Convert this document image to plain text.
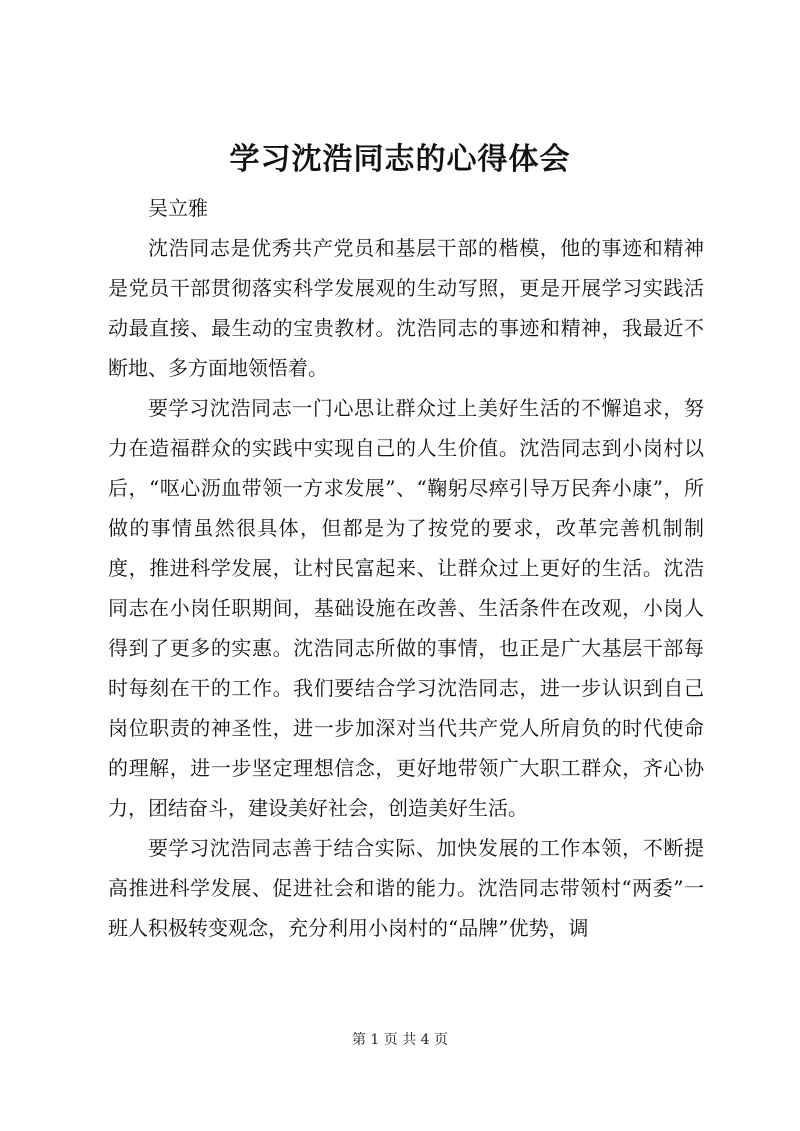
学习沈浩同志的心得体会

吴立雅

沈浩同志是优秀共产党员和基层干部的楷模，他的事迹和精神是党员干部贯彻落实科学发展观的生动写照，更是开展学习实践活动最直接、最生动的宝贵教材。沈浩同志的事迹和精神，我最近不断地、多方面地领悟着。

要学习沈浩同志一门心思让群众过上美好生活的不懈追求，努力在造福群众的实践中实现自己的人生价值。沈浩同志到小岗村以后，“呕心沥血带领一方求发展”、“鞠躬尽瘁引导万民奔小康”，所做的事情虽然很具体，但都是为了按党的要求，改革完善机制制度，推进科学发展，让村民富起来、让群众过上更好的生活。沈浩同志在小岗任职期间，基础设施在改善、生活条件在改观，小岗人得到了更多的实惠。沈浩同志所做的事情，也正是广大基层干部每时每刻在干的工作。我们要结合学习沈浩同志，进一步认识到自己岗位职责的神圣性，进一步加深对当代共产党人所肩负的时代使命的理解，进一步坚定理想信念，更好地带领广大职工群众，齐心协力，团结奋斗，建设美好社会，创造美好生活。

要学习沈浩同志善于结合实际、加快发展的工作本领，不断提高推进科学发展、促进社会和谐的能力。沈浩同志带领村“两委”一班人积极转变观念，充分利用小岗村的“品牌”优势，调

第 1 页 共 4 页
